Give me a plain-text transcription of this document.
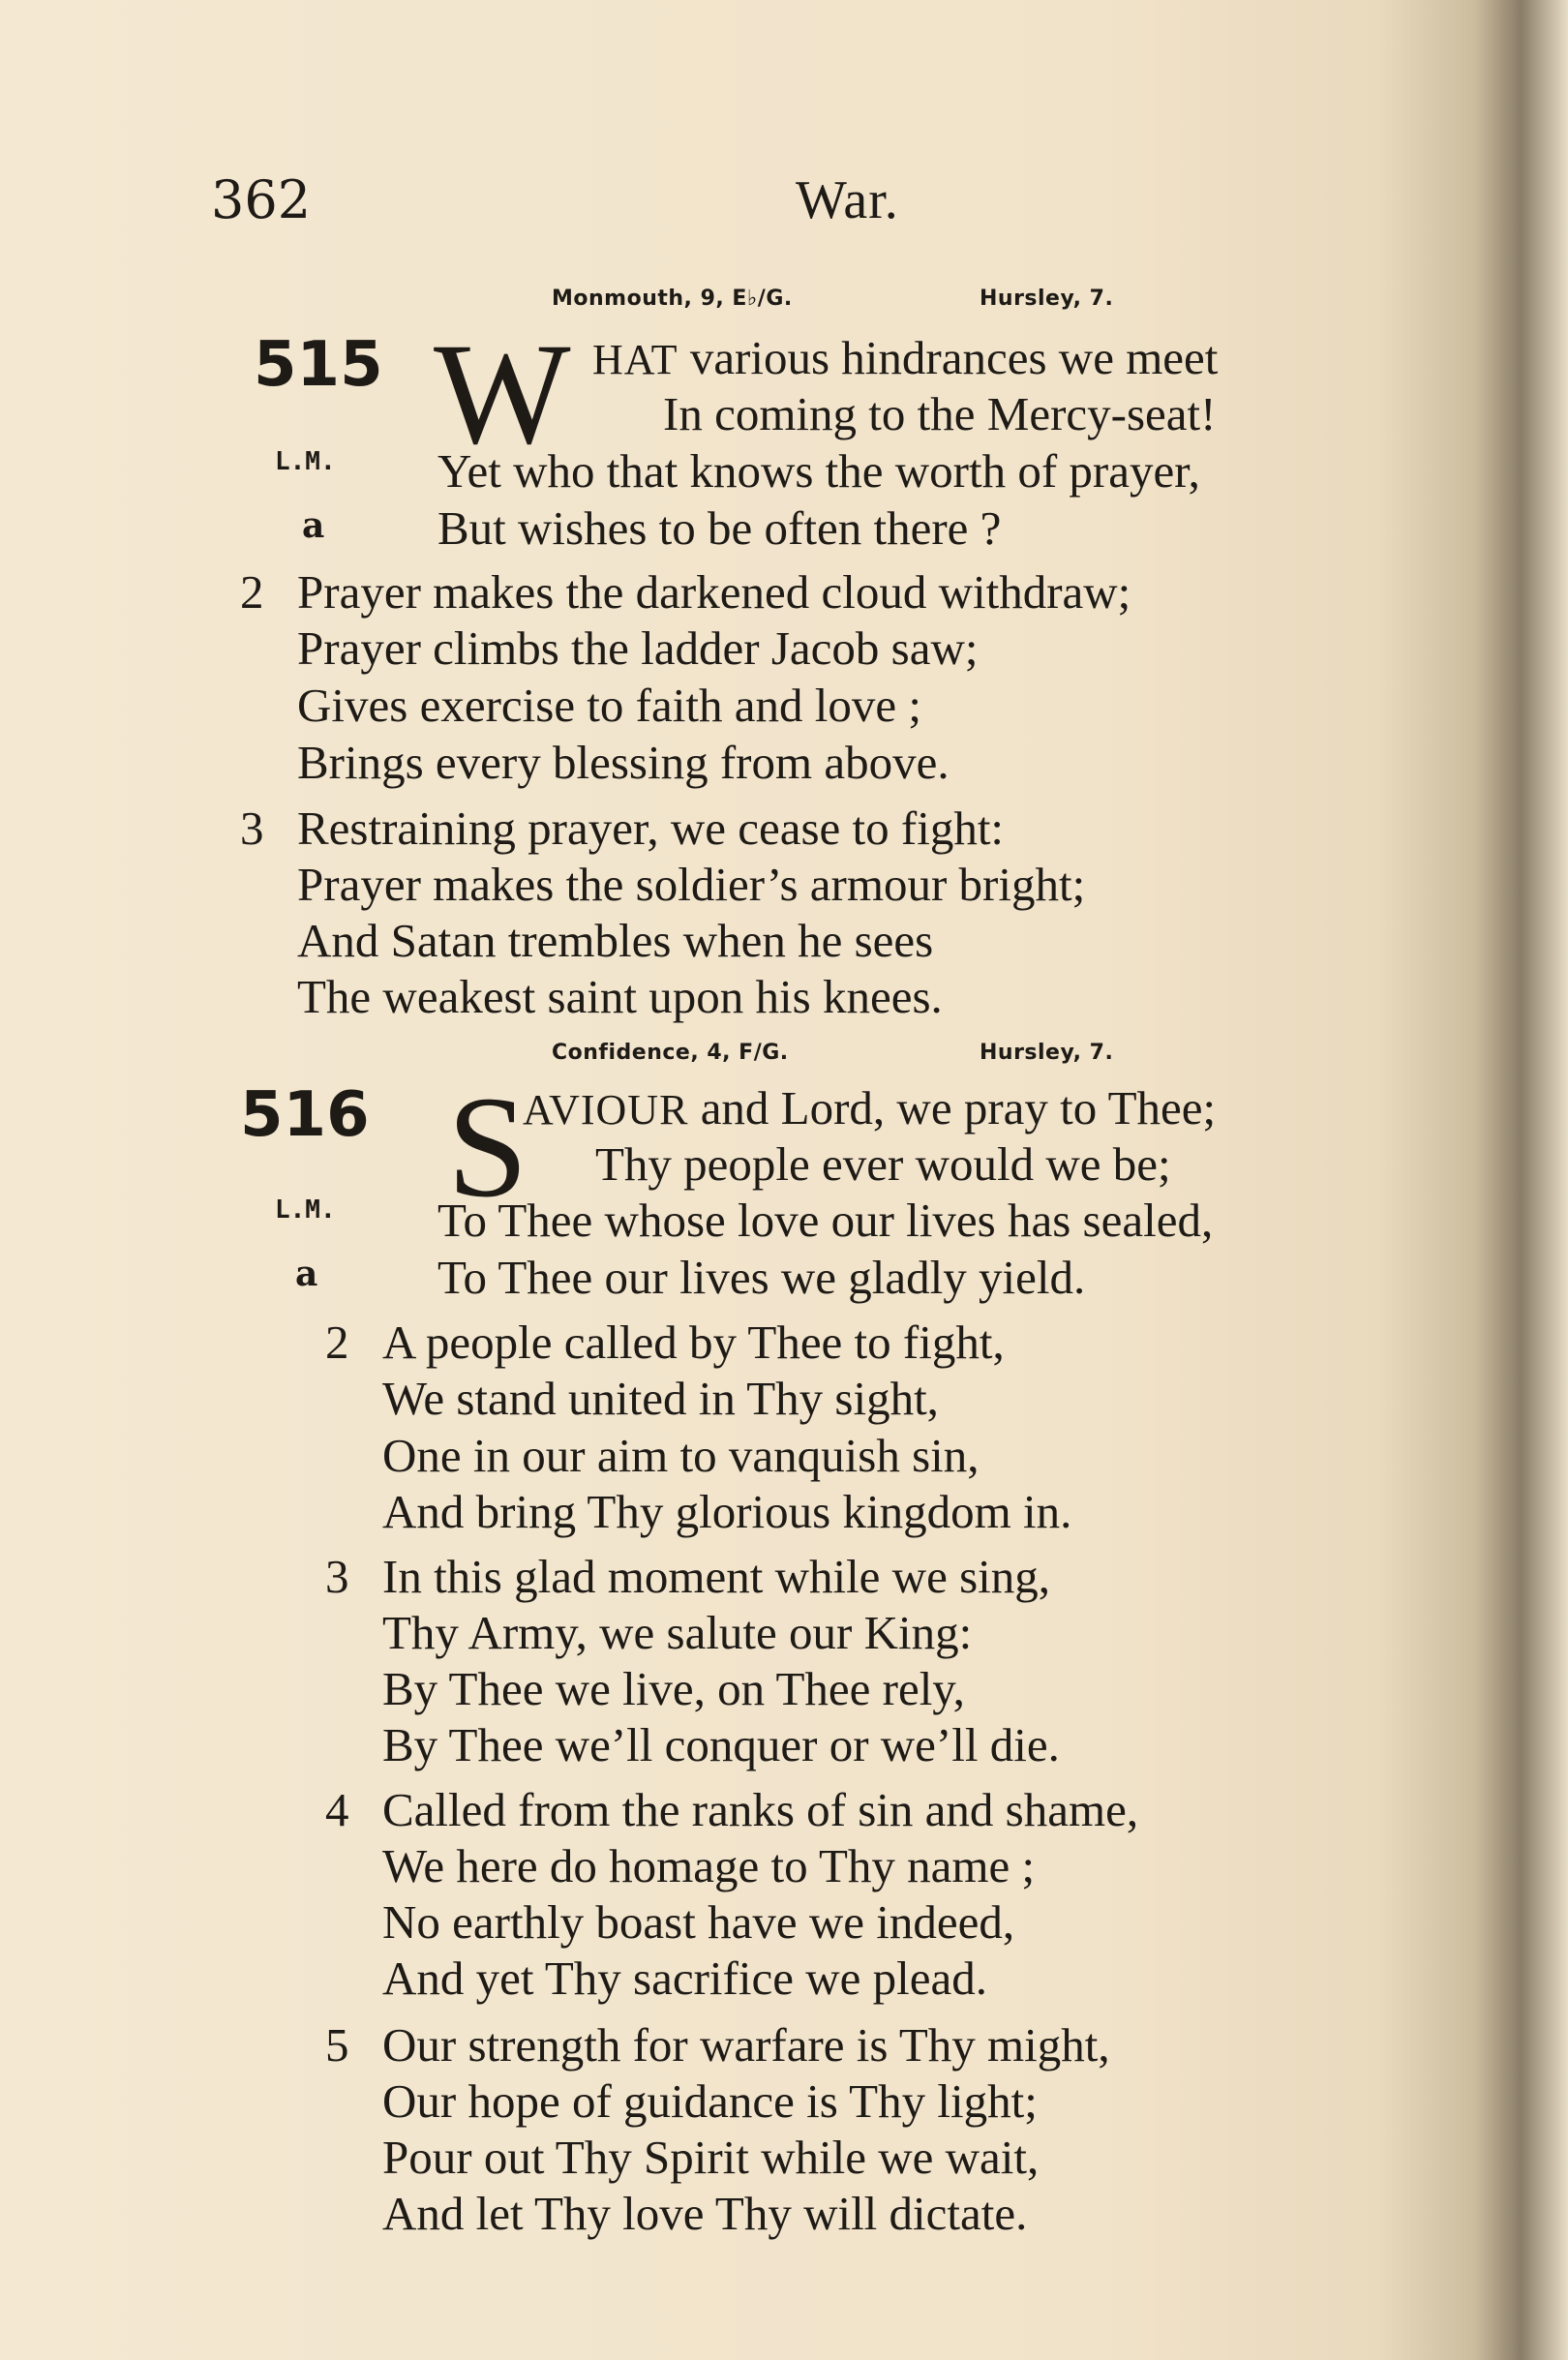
362	War.
Monmouth, 9, E♭/G.	Hursley, 7.
515
L.M.
a
W HAT various hindrances we meet
In coming to the Mercy-seat!
Yet who that knows the worth of prayer,
But wishes to be often there ?
2 Prayer makes the darkened cloud withdraw;
Prayer climbs the ladder Jacob saw;
Gives exercise to faith and love ;
Brings every blessing from above.
3 Restraining prayer, we cease to fight:
Prayer makes the soldier’s armour bright;
And Satan trembles when he sees
The weakest saint upon his knees.
Confidence, 4, F/G.	Hursley, 7.
516
L.M.
a
S
AVIOUR and Lord, we pray to Thee;
Thy people ever would we be;
To Thee whose love our lives has sealed,
To Thee our lives we gladly yield.
2 A people called by Thee to fight,
We stand united in Thy sight,
One in our aim to vanquish sin,
And bring Thy glorious kingdom in.
3 In this glad moment while we sing,
Thy Army, we salute our King:
By Thee we live, on Thee rely,
By Thee we’ll conquer or we’ll die.
4 Called from the ranks of sin and shame,
We here do homage to Thy name ;
No earthly boast have we indeed,
And yet Thy sacrifice we plead.
5 Our strength for warfare is Thy might,
Our hope of guidance is Thy light;
Pour out Thy Spirit while we wait,
And let Thy love Thy will dictate.
